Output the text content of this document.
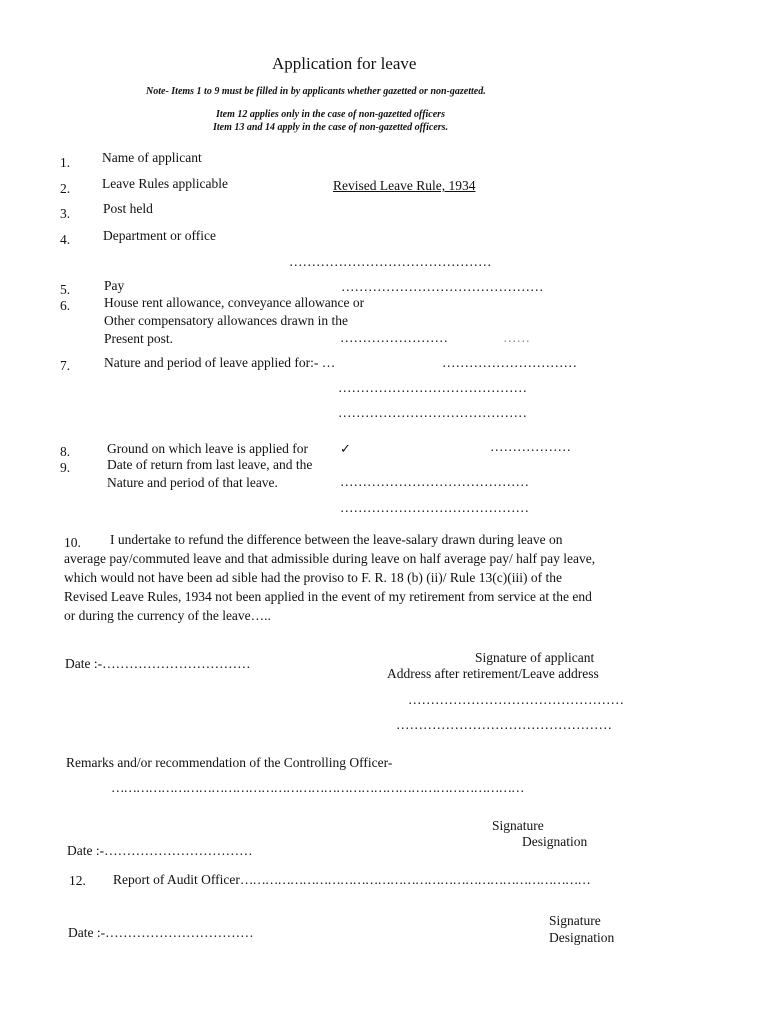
Application for leave
Note- Items 1 to 9 must be filled in by applicants whether gazetted or non-gazetted.
Item 12 applies only in the case of non-gazetted officers
Item 13 and 14 apply in the case of non-gazetted officers.
1. Name of applicant
2. Leave Rules applicable	Revised Leave Rule, 1934
3. Post held
4. Department or office
………………………………………
5.	Pay	………………………………………
6.	House rent allowance, conveyance allowance or
Other compensatory allowances drawn in the
Present post.	……………………	……
7.	Nature and period of leave applied for:- …	…………………………
……………………………………
……………………………………
8.	Ground on which leave is applied for ✓	………………
9.	Date of return from last leave, and the
Nature and period of that leave.	……………………………………
……………………………………
10. I undertake to refund the difference between the leave-salary drawn during leave on
average pay/commuted leave and that admissible during leave on half average pay/ half pay leave,
which would not have been ad sible had the proviso to F. R. 18 (b) (ii)/ Rule 13(c)(iii) of the
Revised Leave Rules, 1934 not been applied in the event of my retirement from service at the end
or during the currency of the leave…..
Date :-……………………………	Signature of applicant
Address after retirement/Leave address
…………………………………………
…………………………………………
Remarks and/or recommendation of the Controlling Officer-
………………………………………………………………………………………
Signature
Designation
Date :-……………………………
12. Report of Audit Officer…………………………………………………………………………
Signature
Designation
Date :-……………………………
